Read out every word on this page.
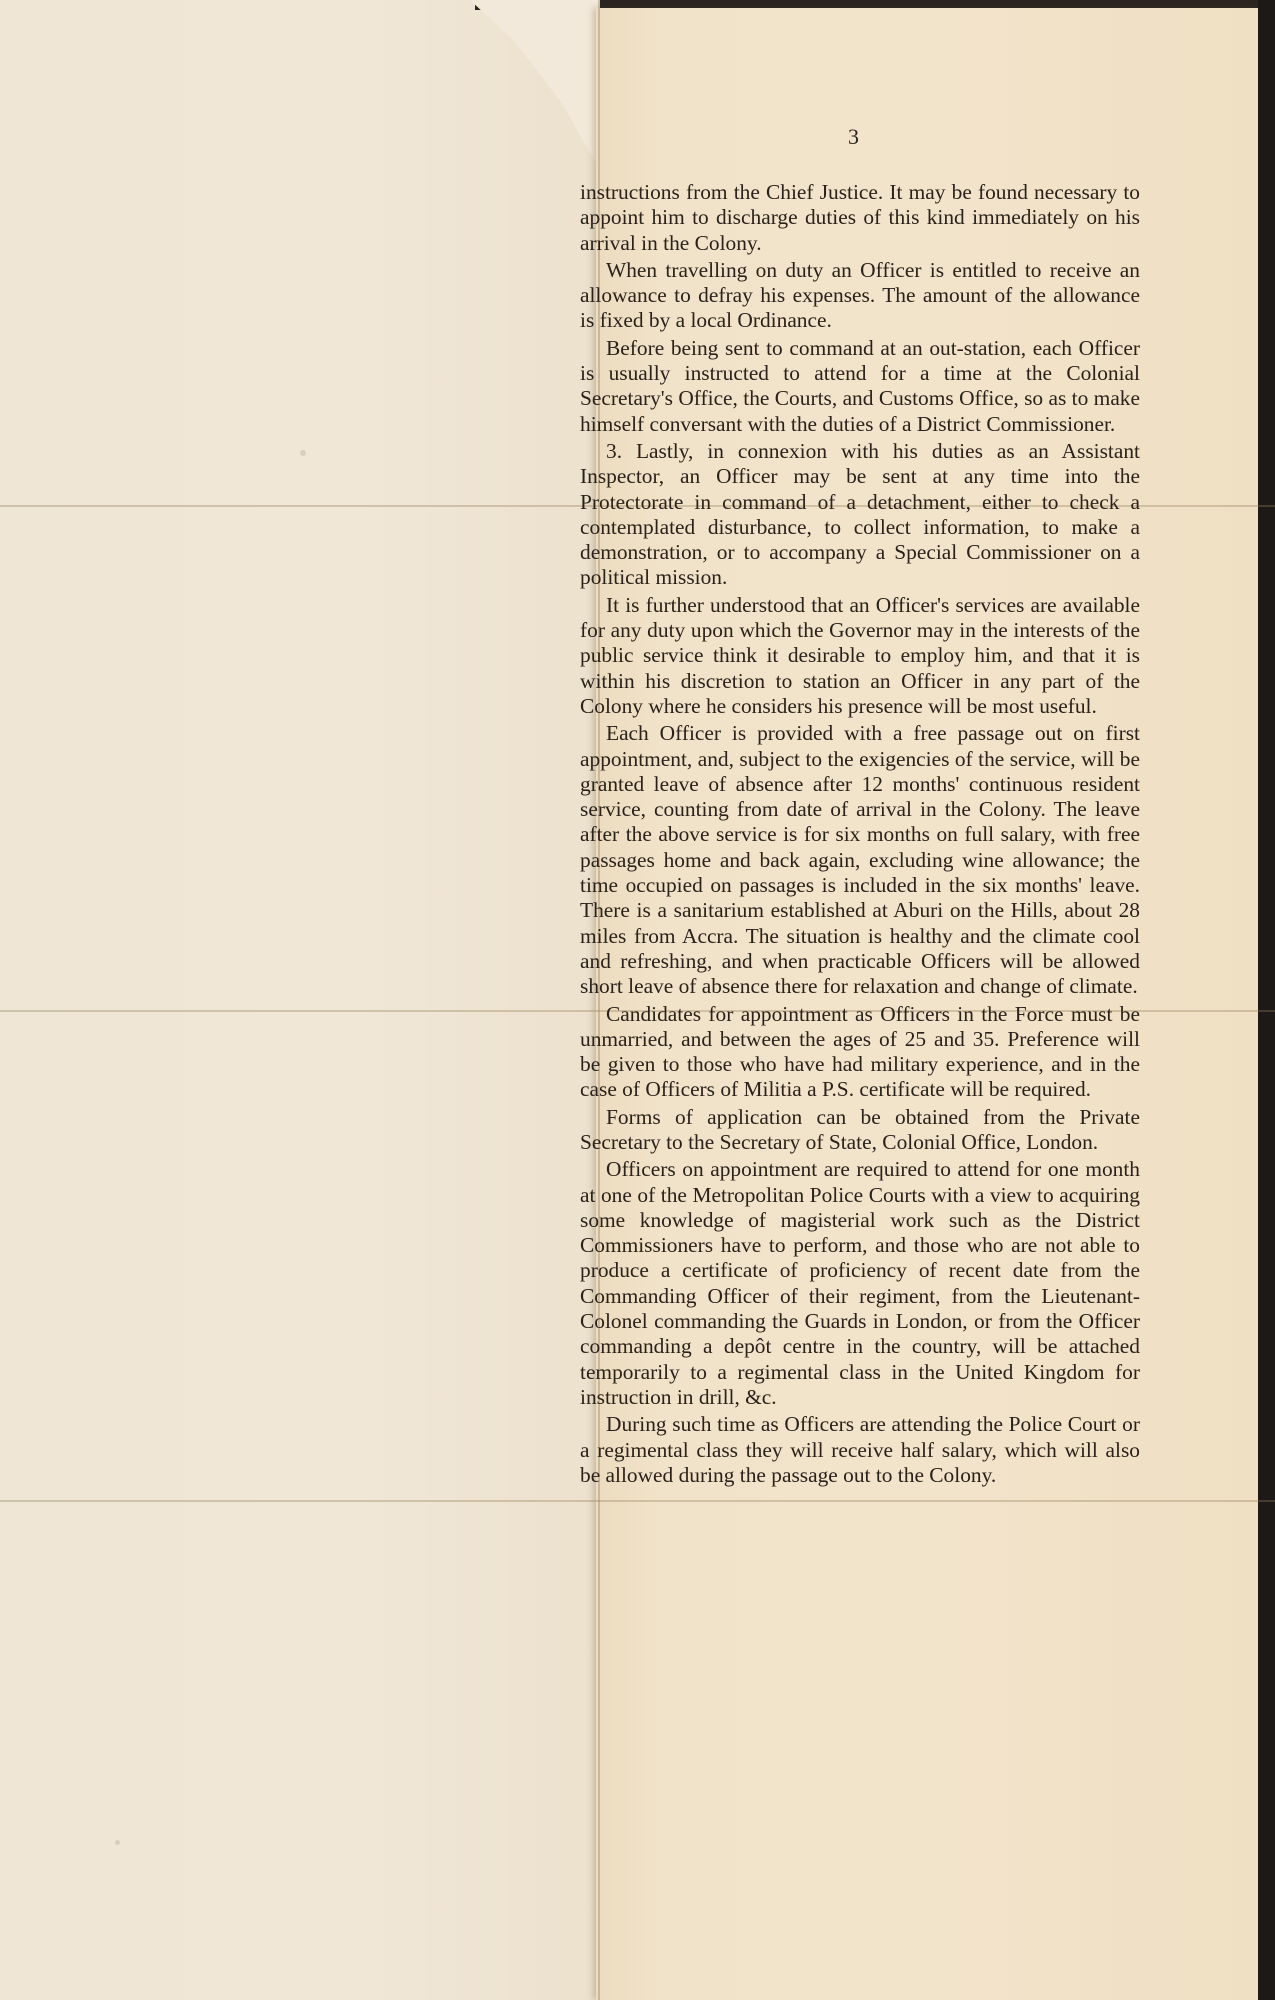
3

instructions from the Chief Justice. It may be found necessary to appoint him to discharge duties of this kind immediately on his arrival in the Colony.

When travelling on duty an Officer is entitled to receive an allowance to defray his expenses. The amount of the allowance is fixed by a local Ordinance.

Before being sent to command at an out-station, each Officer is usually instructed to attend for a time at the Colonial Secretary's Office, the Courts, and Customs Office, so as to make himself conversant with the duties of a District Commissioner.

3. Lastly, in connexion with his duties as an Assistant Inspector, an Officer may be sent at any time into the Protectorate in command of a detachment, either to check a contemplated disturbance, to collect information, to make a demonstration, or to accompany a Special Commissioner on a political mission.

It is further understood that an Officer's services are available for any duty upon which the Governor may in the interests of the public service think it desirable to employ him, and that it is within his discretion to station an Officer in any part of the Colony where he considers his presence will be most useful.

Each Officer is provided with a free passage out on first appointment, and, subject to the exigencies of the service, will be granted leave of absence after 12 months' continuous resident service, counting from date of arrival in the Colony. The leave after the above service is for six months on full salary, with free passages home and back again, excluding wine allowance; the time occupied on passages is included in the six months' leave. There is a sanitarium established at Aburi on the Hills, about 28 miles from Accra. The situation is healthy and the climate cool and refreshing, and when practicable Officers will be allowed short leave of absence there for relaxation and change of climate.

Candidates for appointment as Officers in the Force must be unmarried, and between the ages of 25 and 35. Preference will be given to those who have had military experience, and in the case of Officers of Militia a P.S. certificate will be required.

Forms of application can be obtained from the Private Secretary to the Secretary of State, Colonial Office, London.

Officers on appointment are required to attend for one month at one of the Metropolitan Police Courts with a view to acquiring some knowledge of magisterial work such as the District Commissioners have to perform, and those who are not able to produce a certificate of proficiency of recent date from the Commanding Officer of their regiment, from the Lieutenant-Colonel commanding the Guards in London, or from the Officer commanding a depôt centre in the country, will be attached temporarily to a regimental class in the United Kingdom for instruction in drill, &c.

During such time as Officers are attending the Police Court or a regimental class they will receive half salary, which will also be allowed during the passage out to the Colony.
